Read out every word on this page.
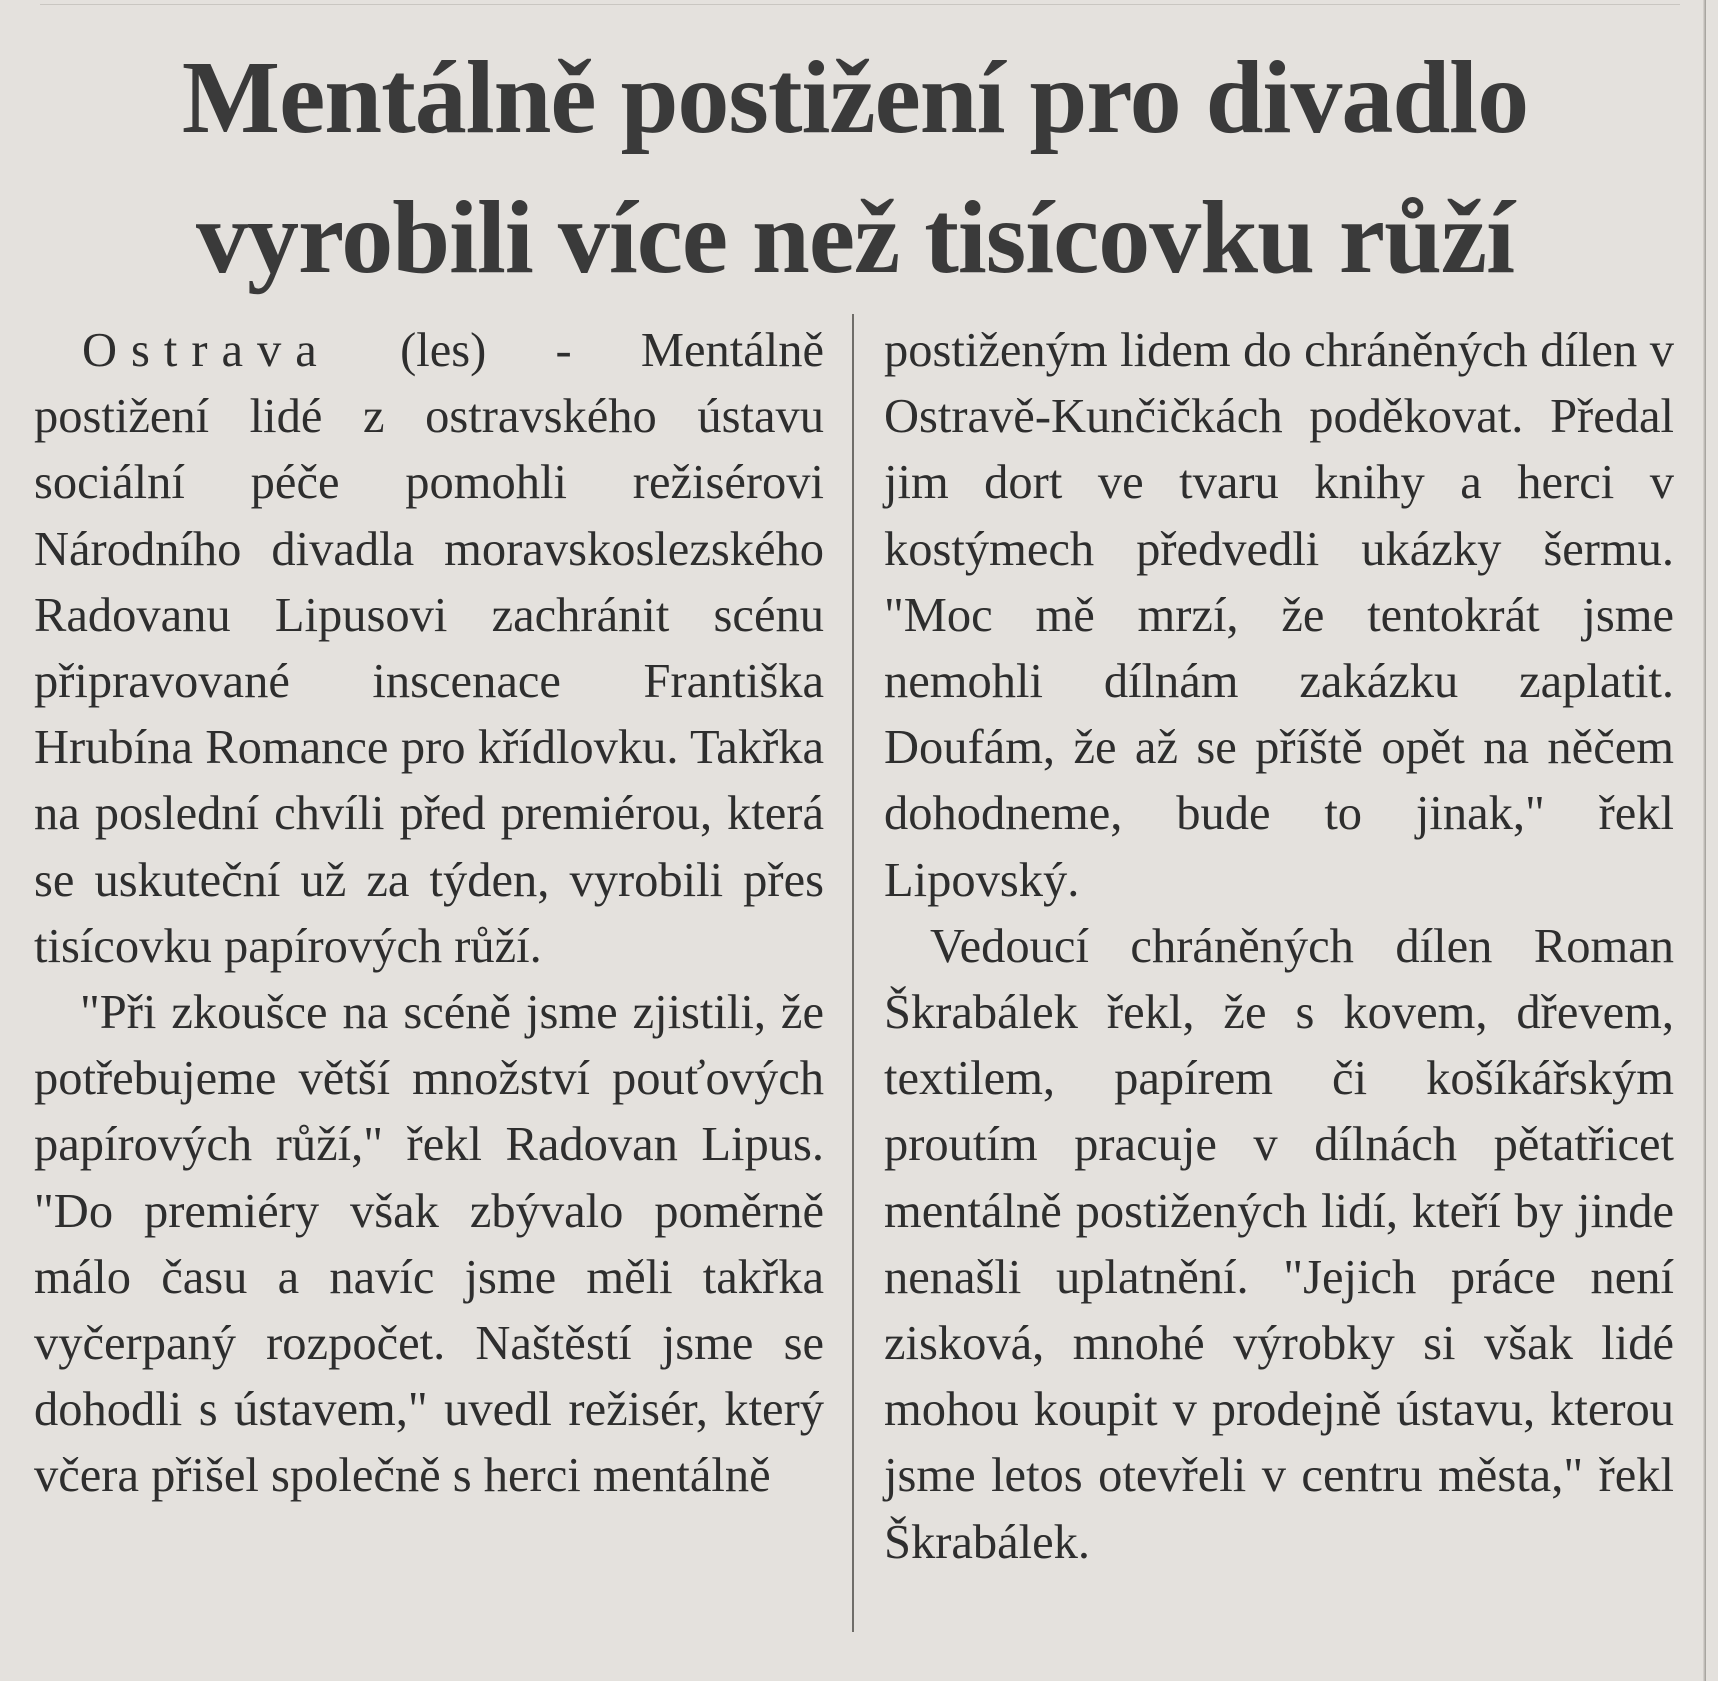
Mentálně postižení pro divadlo
vyrobili více než tisícovku růží

Ostrava (les) - Mentálně postižení lidé z ostravského ústavu sociální péče pomohli režisérovi Národního divadla moravskoslezského Radovanu Lipusovi zachránit scénu připravované inscenace Františka Hrubína Romance pro křídlovku. Takřka na poslední chvíli před premiérou, která se uskuteční už za týden, vyrobili přes tisícovku papírových růží.

"Při zkoušce na scéně jsme zjistili, že potřebujeme větší množství pouťových papírových růží," řekl Radovan Lipus. "Do premiéry však zbývalo poměrně málo času a navíc jsme měli takřka vyčerpaný rozpočet. Naštěstí jsme se dohodli s ústavem," uvedl režisér, který včera přišel společně s herci mentálně

postiženým lidem do chráněných dílen v Ostravě-Kunčičkách poděkovat. Předal jim dort ve tvaru knihy a herci v kostýmech předvedli ukázky šermu. "Moc mě mrzí, že tentokrát jsme nemohli dílnám zakázku zaplatit. Doufám, že až se příště opět na něčem dohodneme, bude to jinak," řekl Lipovský.

Vedoucí chráněných dílen Roman Škrabálek řekl, že s kovem, dřevem, textilem, papírem či košíkářským proutím pracuje v dílnách pětatřicet mentálně postižených lidí, kteří by jinde nenašli uplatnění. "Jejich práce není zisková, mnohé výrobky si však lidé mohou koupit v prodejně ústavu, kterou jsme letos otevřeli v centru města," řekl Škrabálek.
